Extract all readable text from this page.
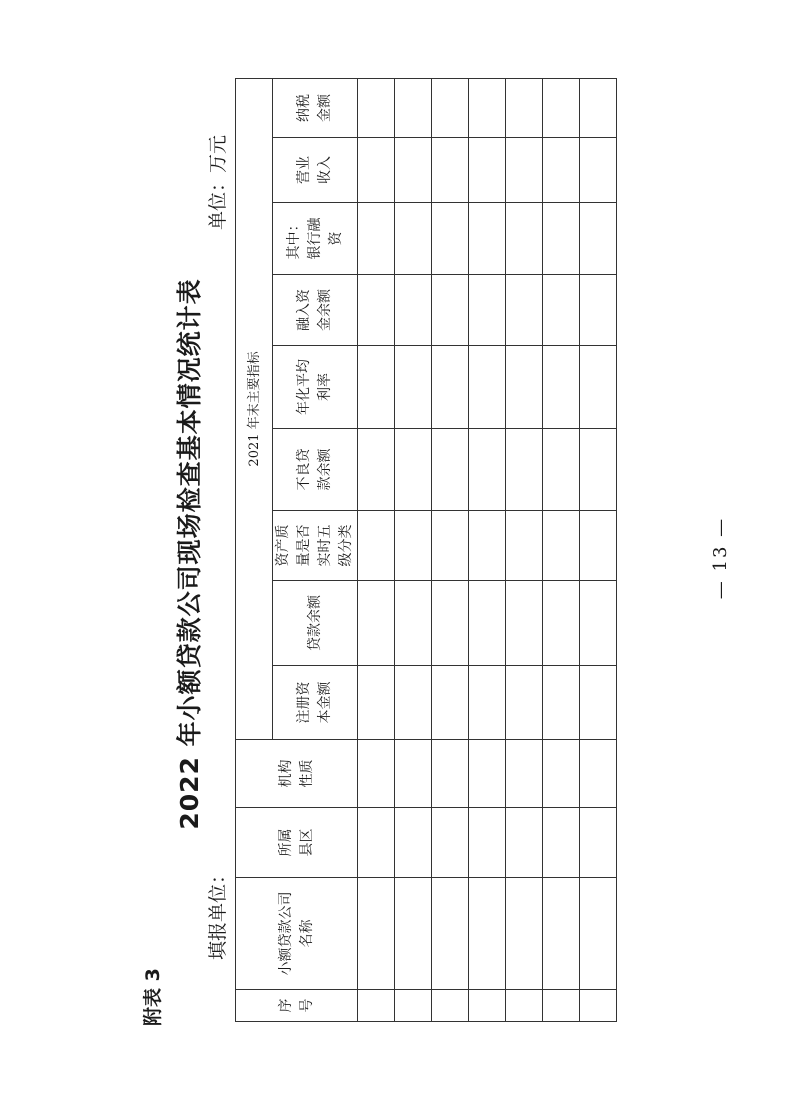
附表 3
2022 年小额贷款公司现场检查基本情况统计表
填报单位：
单位：万元
序号	小额贷款公司名称	所属县区	机构性质	2021 年末主要指标								
				注册资本金额	贷款余额	资产质量是否实时五级分类	不良贷款余额	年化平均利率	融入资金余额	其中：银行融资	营业收入	纳税金额

— 13 —
